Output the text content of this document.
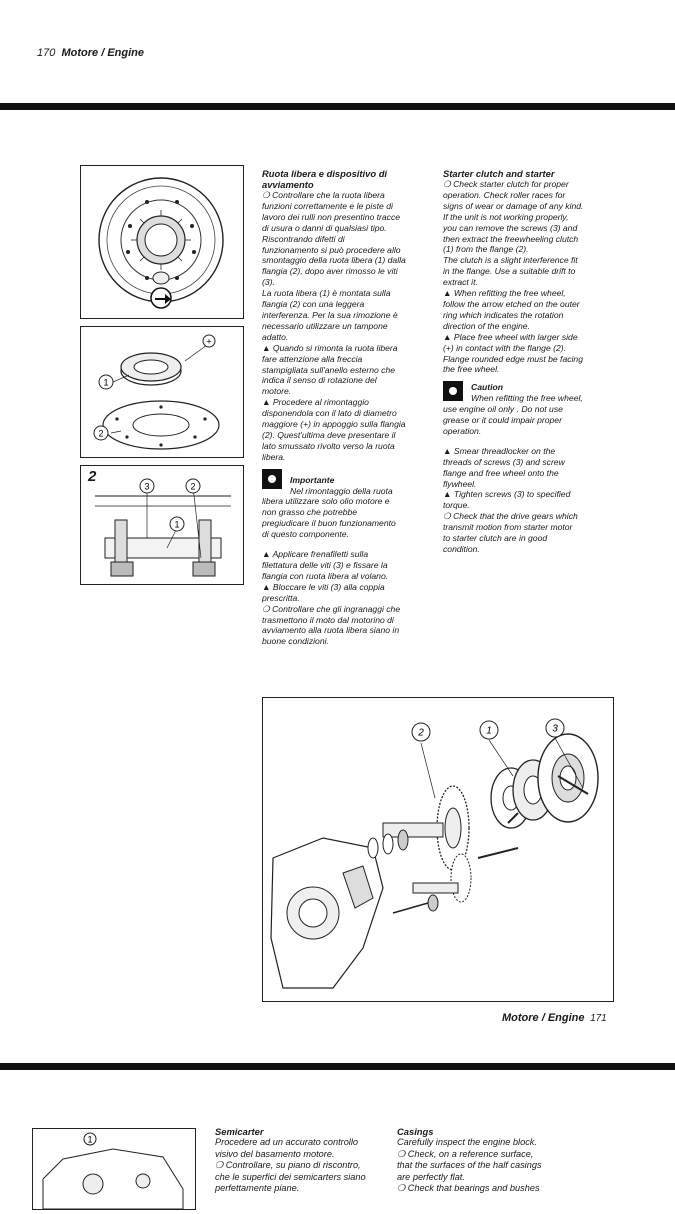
170 Motore / Engine
1
2
+
2
3	2
1

Ruota libera e dispositivo di avviamento

❍ Controllare che la ruota libera
funzioni correttamente e le piste di
lavoro dei rulli non presentino tracce
di usura o danni di qualsiasi tipo.
Riscontrando difetti di
funzionamento si può procedere allo
smontaggio della ruota libera (1) dalla
flangia (2), dopo aver rimosso le viti
(3).
La ruota libera (1) è montata sulla
flangia (2) con una leggera
interferenza. Per la sua rimozione è
necessario utilizzare un tampone
adatto.
▲ Quando si rimonta la ruota libera
fare attenzione alla freccia
stampigliata sull'anello esterno che
indica il senso di rotazione del
motore.
▲ Procedere al rimontaggio
disponendola con il lato di diametro
maggiore (+) in appoggio sulla flangia
(2). Quest'ultima deve presentare il
lato smussato rivolto verso la ruota
libera.
Importante
Nel rimontaggio della ruota
libera utilizzare solo olio motore e
non grasso che potrebbe
pregiudicare il buon funzionamento
di questo componente.
▲ Applicare frenafiletti sulla
filettatura delle viti (3) e fissare la
flangia con ruota libera al volano.
▲ Bloccare le viti (3) alla coppia
prescritta.
❍ Controllare che gli ingranaggi che
trasmettono il moto dal motorino di
avviamento alla ruota libera siano in
buone condizioni.

Starter clutch and starter

❍ Check starter clutch for proper
operation. Check roller races for
signs of wear or damage of any kind.
If the unit is not working properly,
you can remove the screws (3) and
then extract the freewheeling clutch
(1) from the flange (2).
The clutch is a slight interference fit
in the flange. Use a suitable drift to
extract it.
▲ When refitting the free wheel,
follow the arrow etched on the outer
ring which indicates the rotation
direction of the engine.
▲ Place free wheel with larger side
(+) in contact with the flange (2).
Flange rounded edge must be facing
the free wheel.
Caution
When refitting the free wheel,
use engine oil only . Do not use
grease or it could impair proper
operation.
▲ Smear threadlocker on the
threads of screws (3) and screw
flange and free wheel onto the
flywheel.
▲ Tighten screws (3) to specified
torque.
❍ Check that the drive gears which
transmit motion from starter motor
to starter clutch are in good
condition.
2	1	3
Motore / Engine 171
1

Semicarter

Procedere ad un accurato controllo
visivo del basamento motore.
❍ Controllare, su piano di riscontro,
che le superfici dei semicarters siano
perfettamente piane.

Casings

Carefully inspect the engine block.
❍ Check, on a reference surface,
that the surfaces of the half casings
are perfectly flat.
❍ Check that bearings and bushes
